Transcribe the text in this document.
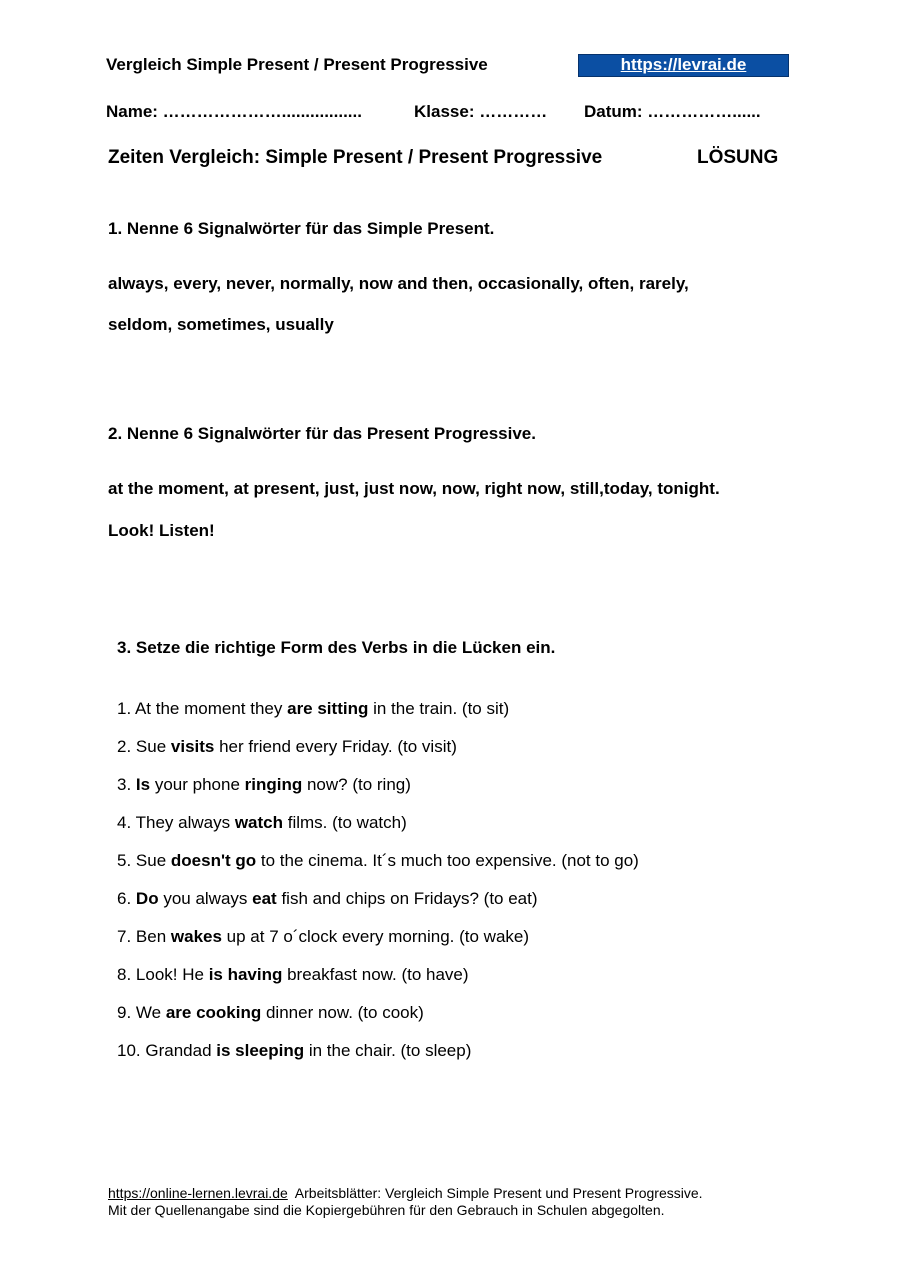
Vergleich Simple Present / Present Progressive	https://levrai.de
Name: ………………….................	Klasse: ………… Datum: ……………......
Zeiten Vergleich: Simple Present / Present Progressive	LÖSUNG
1. Nenne 6 Signalwörter für das Simple Present.
always, every, never, normally, now and then, occasionally, often, rarely,
seldom, sometimes, usually
2. Nenne 6 Signalwörter für das Present Progressive.
at the moment, at present, just, just now, now, right now, still,today, tonight.
Look! Listen!
3. Setze die richtige Form des Verbs in die Lücken ein.
1. At the moment they are sitting in the train. (to sit)
2. Sue visits her friend every Friday. (to visit)
3. Is your phone ringing now? (to ring)
4. They always watch films. (to watch)
5. Sue doesn't go to the cinema. It´s much too expensive. (not to go)
6. Do you always eat fish and chips on Fridays? (to eat)
7. Ben wakes up at 7 o´clock every morning. (to wake)
8. Look! He is having breakfast now. (to have)
9. We are cooking dinner now. (to cook)
10. Grandad is sleeping in the chair. (to sleep)
https://online-lernen.levrai.de  Arbeitsblätter: Vergleich Simple Present und Present Progressive.
Mit der Quellenangabe sind die Kopiergebühren für den Gebrauch in Schulen abgegolten.
